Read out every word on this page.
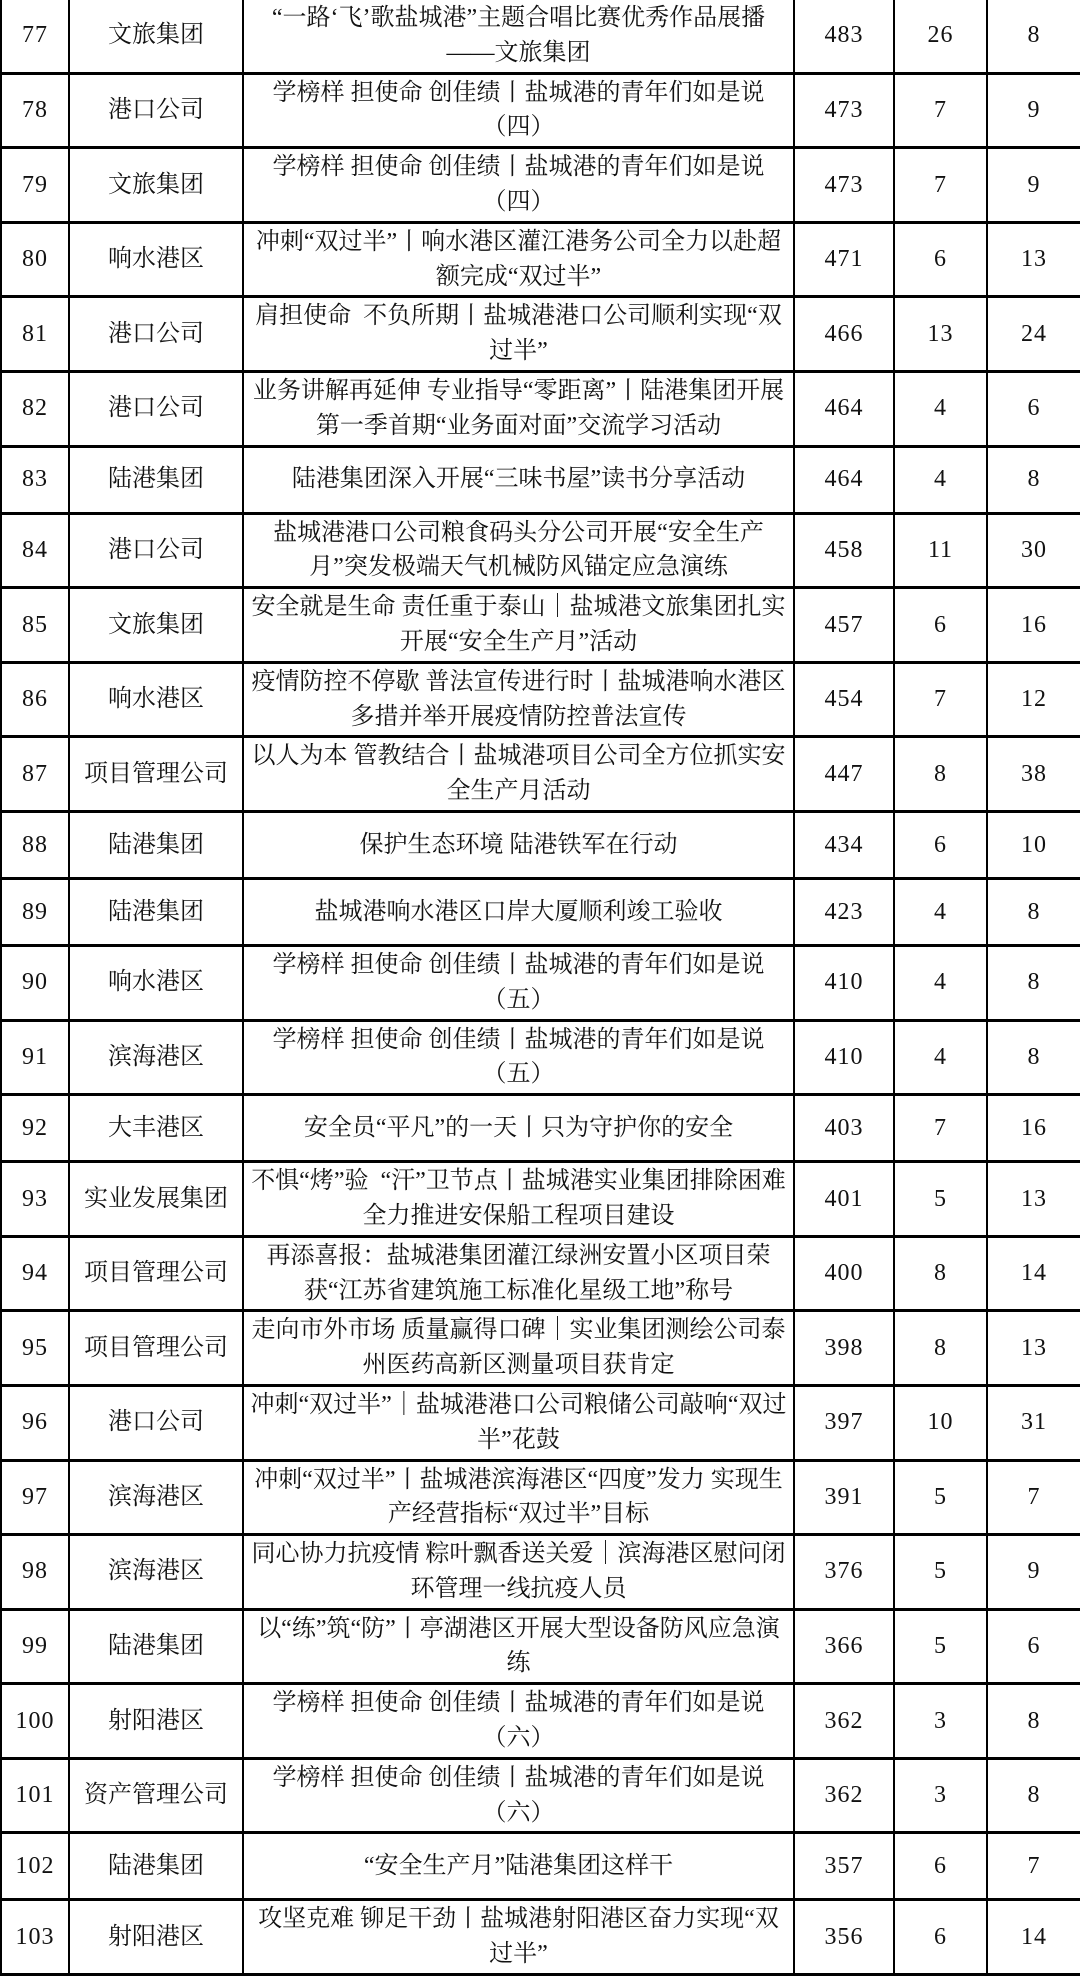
77	文旅集团	“一路‘飞’歌盐城港”主题合唱比赛优秀作品展播——文旅集团	483	26	8
78	港口公司	学榜样 担使命 创佳绩丨盐城港的青年们如是说（四）	473	7	9
79	文旅集团	学榜样 担使命 创佳绩丨盐城港的青年们如是说（四）	473	7	9
80	响水港区	冲刺“双过半”丨响水港区灌江港务公司全力以赴超额完成“双过半”	471	6	13
81	港口公司	肩担使命  不负所期丨盐城港港口公司顺利实现“双过半”	466	13	24
82	港口公司	业务讲解再延伸 专业指导“零距离”丨陆港集团开展第一季首期“业务面对面”交流学习活动	464	4	6
83	陆港集团	陆港集团深入开展“三味书屋”读书分享活动	464	4	8
84	港口公司	盐城港港口公司粮食码头分公司开展“安全生产月”突发极端天气机械防风锚定应急演练	458	11	30
85	文旅集团	安全就是生命 责任重于泰山｜盐城港文旅集团扎实开展“安全生产月”活动	457	6	16
86	响水港区	疫情防控不停歇 普法宣传进行时丨盐城港响水港区多措并举开展疫情防控普法宣传	454	7	12
87	项目管理公司	以人为本 管教结合丨盐城港项目公司全方位抓实安全生产月活动	447	8	38
88	陆港集团	保护生态环境 陆港铁军在行动	434	6	10
89	陆港集团	盐城港响水港区口岸大厦顺利竣工验收	423	4	8
90	响水港区	学榜样 担使命 创佳绩丨盐城港的青年们如是说（五）	410	4	8
91	滨海港区	学榜样 担使命 创佳绩丨盐城港的青年们如是说（五）	410	4	8
92	大丰港区	安全员“平凡”的一天丨只为守护你的安全	403	7	16
93	实业发展集团	不惧“烤”验  “汗”卫节点丨盐城港实业集团排除困难全力推进安保船工程项目建设	401	5	13
94	项目管理公司	再添喜报：盐城港集团灌江绿洲安置小区项目荣获“江苏省建筑施工标准化星级工地”称号	400	8	14
95	项目管理公司	走向市外市场 质量赢得口碑｜实业集团测绘公司泰州医药高新区测量项目获肯定	398	8	13
96	港口公司	冲刺“双过半”｜盐城港港口公司粮储公司敲响“双过半”花鼓	397	10	31
97	滨海港区	冲刺“双过半”丨盐城港滨海港区“四度”发力 实现生产经营指标“双过半”目标	391	5	7
98	滨海港区	同心协力抗疫情 粽叶飘香送关爱｜滨海港区慰问闭环管理一线抗疫人员	376	5	9
99	陆港集团	以“练”筑“防”丨亭湖港区开展大型设备防风应急演练	366	5	6
100	射阳港区	学榜样 担使命 创佳绩丨盐城港的青年们如是说（六）	362	3	8
101	资产管理公司	学榜样 担使命 创佳绩丨盐城港的青年们如是说（六）	362	3	8
102	陆港集团	“安全生产月”陆港集团这样干	357	6	7
103	射阳港区	攻坚克难 铆足干劲丨盐城港射阳港区奋力实现“双过半”	356	6	14
